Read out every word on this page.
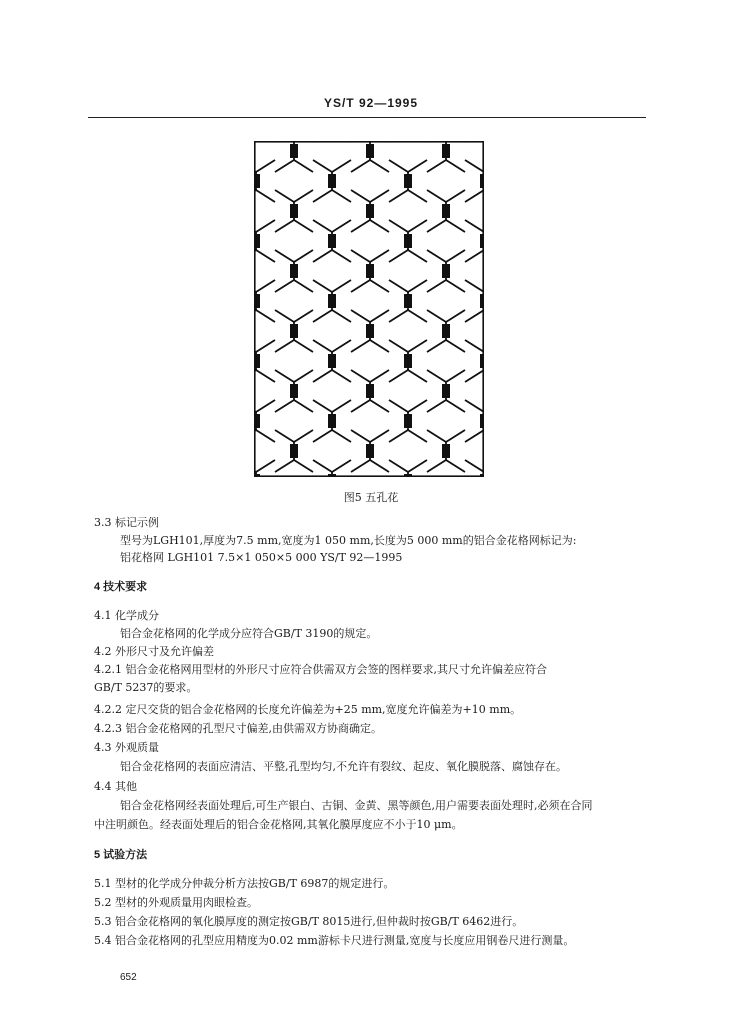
YS/T 92—1995
图5 五孔花
3.3 标记示例
型号为LGH101,厚度为7.5 mm,宽度为1 050 mm,长度为5 000 mm的铝合金花格网标记为:
铝花格网 LGH101 7.5×1 050×5 000 YS/T 92—1995
4 技术要求
4.1 化学成分
铝合金花格网的化学成分应符合GB/T 3190的规定。
4.2 外形尺寸及允许偏差
4.2.1 铝合金花格网用型材的外形尺寸应符合供需双方会签的图样要求,其尺寸允许偏差应符合
GB/T 5237的要求。
4.2.2 定尺交货的铝合金花格网的长度允许偏差为+25 mm,宽度允许偏差为+10 mm。
4.2.3 铝合金花格网的孔型尺寸偏差,由供需双方协商确定。
4.3 外观质量
铝合金花格网的表面应清洁、平整,孔型均匀,不允许有裂纹、起皮、氧化膜脱落、腐蚀存在。
4.4 其他
铝合金花格网经表面处理后,可生产银白、古铜、金黄、黑等颜色,用户需要表面处理时,必须在合同
中注明颜色。经表面处理后的铝合金花格网,其氧化膜厚度应不小于10 μm。
5 试验方法
5.1 型材的化学成分仲裁分析方法按GB/T 6987的规定进行。
5.2 型材的外观质量用肉眼检查。
5.3 铝合金花格网的氧化膜厚度的测定按GB/T 8015进行,但仲裁时按GB/T 6462进行。
5.4 铝合金花格网的孔型应用精度为0.02 mm游标卡尺进行测量,宽度与长度应用钢卷尺进行测量。
652
